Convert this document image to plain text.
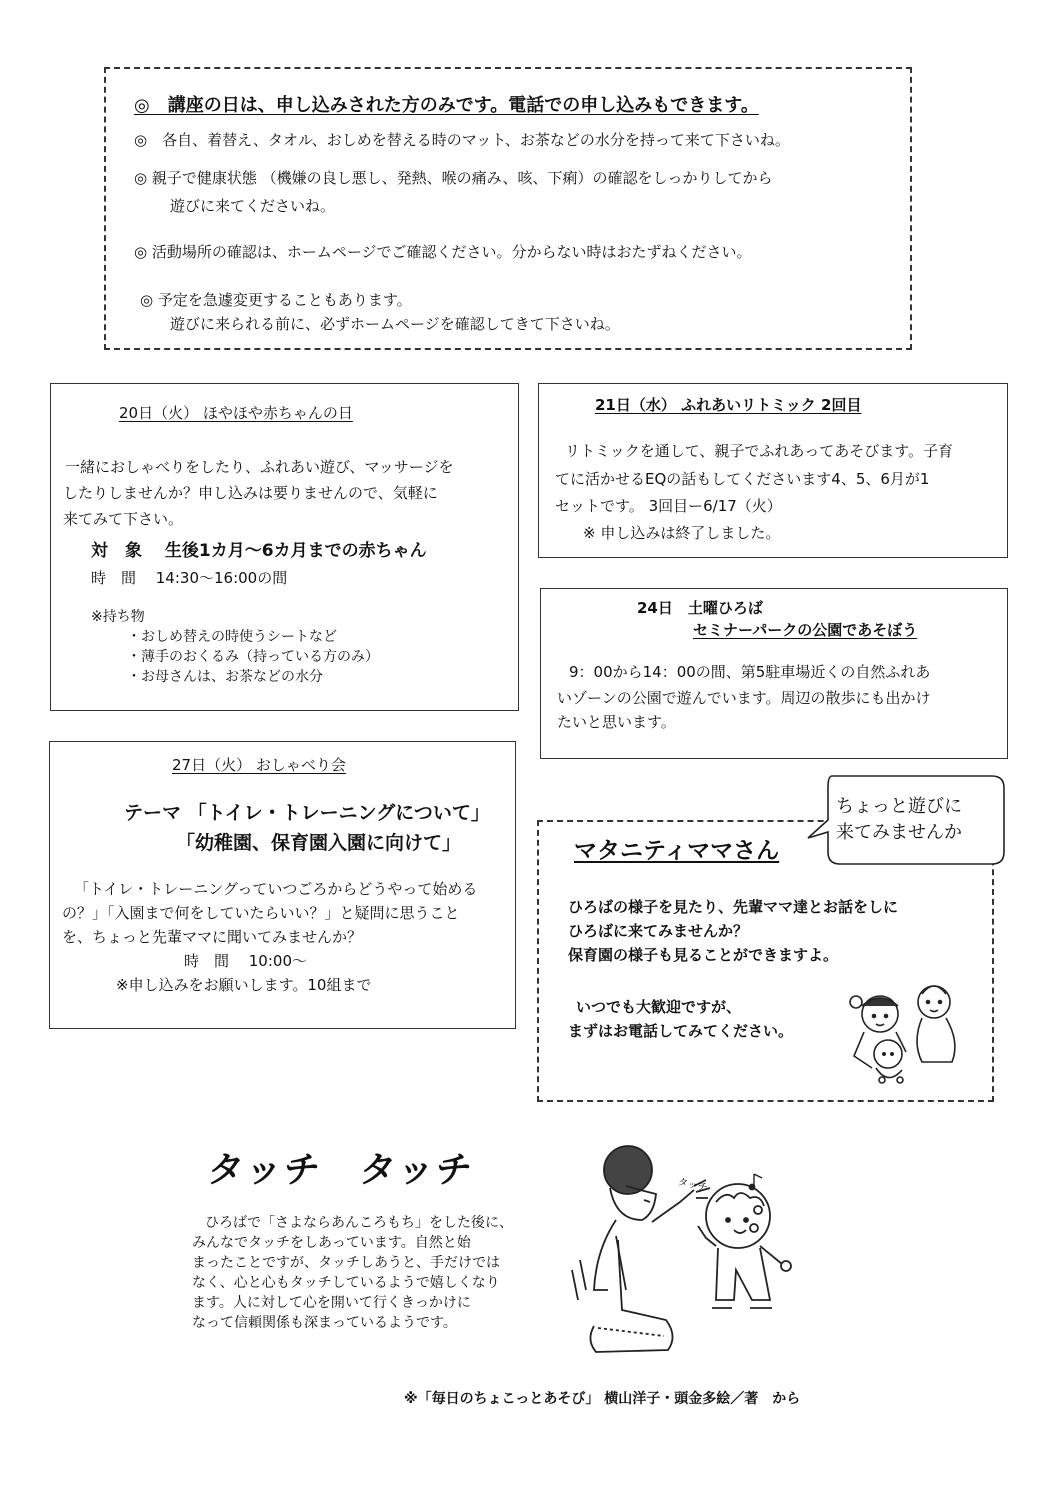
◎　講座の日は、申し込みされた方のみです。電話での申し込みもできます。
◎　各自、着替え、タオル、おしめを替える時のマット、お茶などの水分を持って来て下さいね。
◎ 親子で健康状態 （機嫌の良し悪し、発熱、喉の痛み、咳、下痢）の確認をしっかりしてから
遊びに来てくださいね。
◎ 活動場所の確認は、ホームページでご確認ください。分からない時はおたずねください。
◎ 予定を急遽変更することもあります。
遊びに来られる前に、必ずホームページを確認してきて下さいね。
20日（火） ほやほや赤ちゃんの日
一緒におしゃべりをしたり、ふれあい遊び、マッサージを
したりしませんか？申し込みは要りませんので、気軽に
来てみて下さい。
対　象　 生後1カ月～6カ月までの赤ちゃん
時　間　 14:30～16:00の間
※持ち物
・おしめ替えの時使うシートなど
・薄手のおくるみ（持っている方のみ）
・お母さんは、お茶などの水分
21日（水） ふれあいリトミック 2回目
リトミックを通して、親子でふれあってあそびます。子育
てに活かせるEQの話もしてくださいます4、5、6月が1
セットです。 3回目ー6/17（火）
※ 申し込みは終了しました。
24日　土曜ひろば
セミナーパークの公園であそぼう
9：00から14：00の間、第5駐車場近くの自然ふれあ
いゾーンの公園で遊んでいます。周辺の散歩にも出かけ
たいと思います。
27日（火） おしゃべり会
テーマ 「トイレ・トレーニングについて」
「幼稚園、保育園入園に向けて」
「トイレ・トレーニングっていつごろからどうやって始める
の？」「入園まで何をしていたらいい？」と疑問に思うこと
を、ちょっと先輩ママに聞いてみませんか？
時　間　 10:00～
※申し込みをお願いします。10組まで
マタニティママさん
ちょっと遊びに
来てみませんか
ひろばの様子を見たり、先輩ママ達とお話をしに
ひろばに来てみませんか？
保育園の様子も見ることができますよ。
いつでも大歓迎ですが、
まずはお電話してみてください。
タッチ　タッチ
ひろばで「さよならあんころもち」をした後に、
みんなでタッチをしあっています。自然と始
まったことですが、タッチしあうと、手だけでは
なく、心と心もタッチしているようで嬉しくなり
ます。人に対して心を開いて行くきっかけに
なって信頼関係も深まっているようです。
タッチ
※「毎日のちょこっとあそび」 横山洋子・頭金多絵／著　から
